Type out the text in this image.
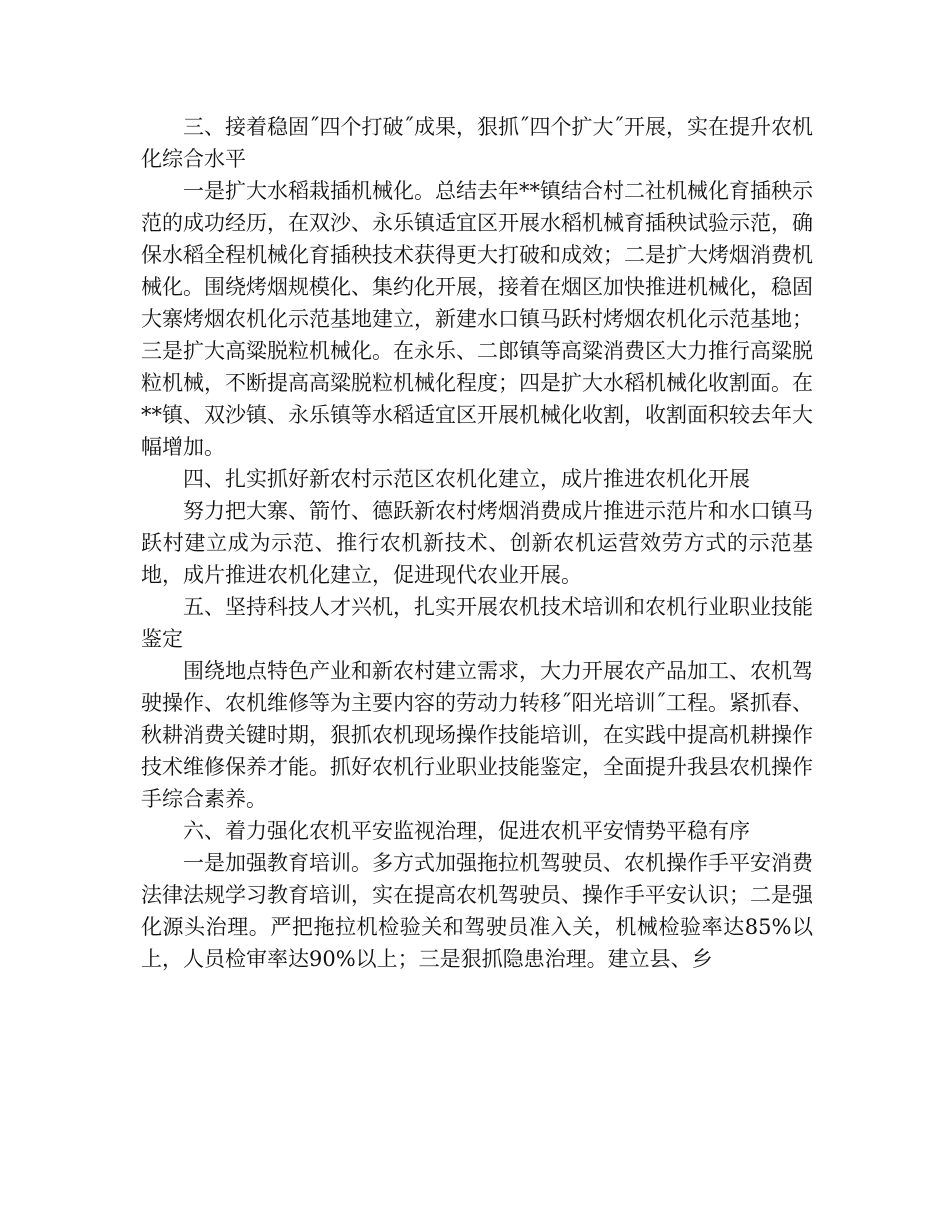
三、接着稳固˝四个打破˝成果，狠抓˝四个扩大˝开展，实在提升农机化综合水平

一是扩大水稻栽插机械化。总结去年**镇结合村二社机械化育插秧示范的成功经历，在双沙、永乐镇适宜区开展水稻机械育插秧试验示范，确保水稻全程机械化育插秧技术获得更大打破和成效；二是扩大烤烟消费机械化。围绕烤烟规模化、集约化开展，接着在烟区加快推进机械化，稳固大寨烤烟农机化示范基地建立，新建水口镇马跃村烤烟农机化示范基地；三是扩大高粱脱粒机械化。在永乐、二郎镇等高粱消费区大力推行高粱脱粒机械，不断提高高粱脱粒机械化程度；四是扩大水稻机械化收割面。在**镇、双沙镇、永乐镇等水稻适宜区开展机械化收割，收割面积较去年大幅增加。

四、扎实抓好新农村示范区农机化建立，成片推进农机化开展

努力把大寨、箭竹、德跃新农村烤烟消费成片推进示范片和水口镇马跃村建立成为示范、推行农机新技术、创新农机运营效劳方式的示范基地，成片推进农机化建立，促进现代农业开展。

五、坚持科技人才兴机，扎实开展农机技术培训和农机行业职业技能鉴定

围绕地点特色产业和新农村建立需求，大力开展农产品加工、农机驾驶操作、农机维修等为主要内容的劳动力转移˝阳光培训˝工程。紧抓春、秋耕消费关键时期，狠抓农机现场操作技能培训，在实践中提高机耕操作技术维修保养才能。抓好农机行业职业技能鉴定，全面提升我县农机操作手综合素养。

六、着力强化农机平安监视治理，促进农机平安情势平稳有序

一是加强教育培训。多方式加强拖拉机驾驶员、农机操作手平安消费法律法规学习教育培训，实在提高农机驾驶员、操作手平安认识；二是强化源头治理。严把拖拉机检验关和驾驶员准入关，机械检验率达85%以上，人员检审率达90%以上；三是狠抓隐患治理。建立县、乡
